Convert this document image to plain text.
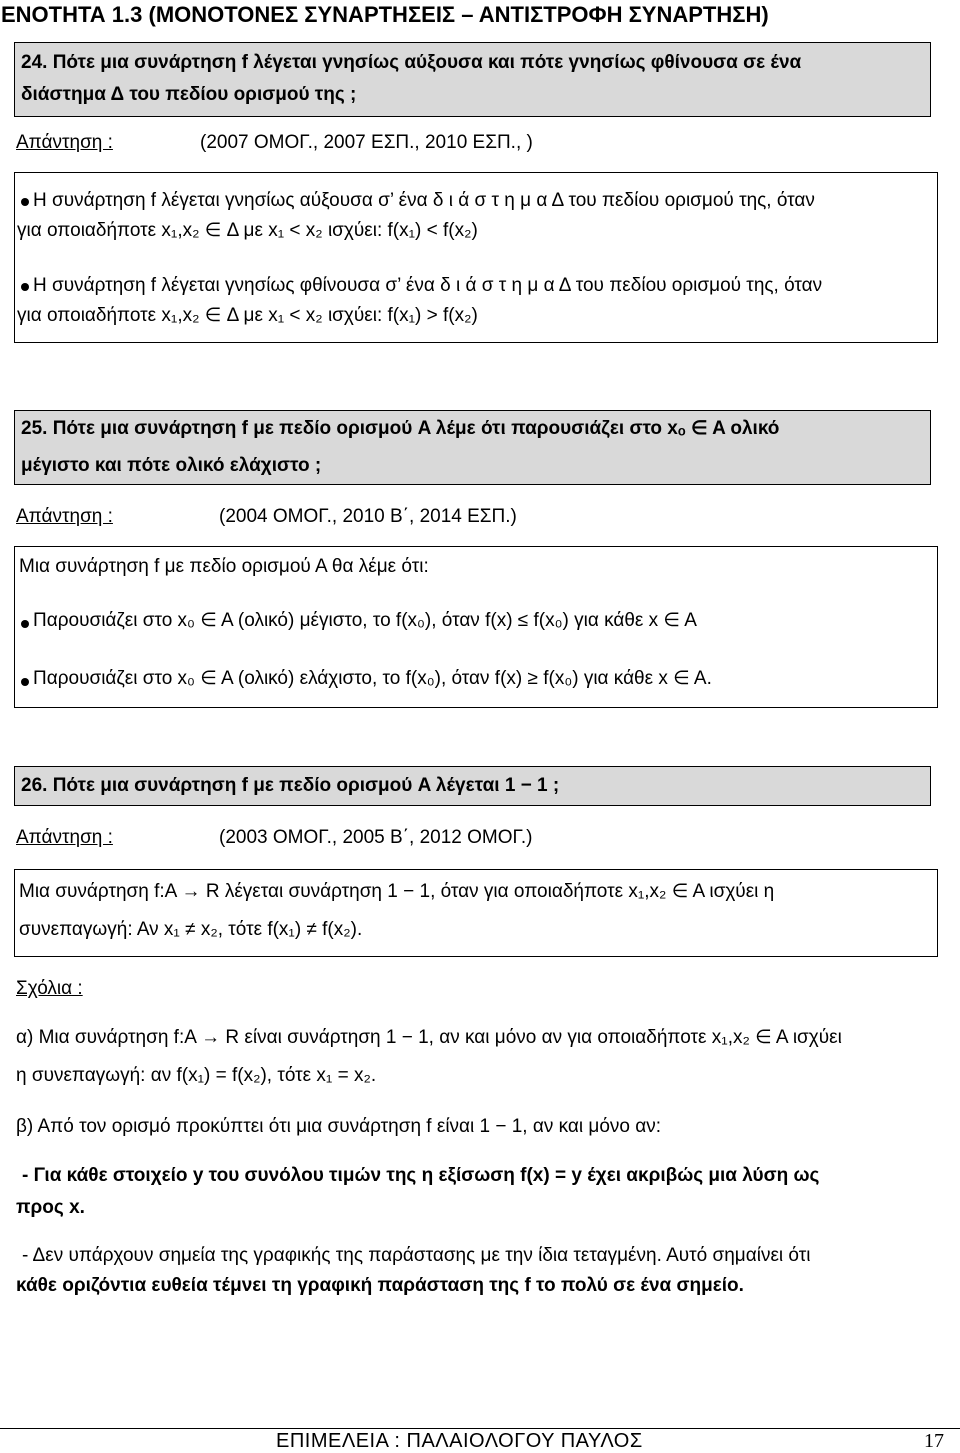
ΕΝΟΤΗΤΑ 1.3 (ΜΟΝΟΤΟΝΕΣ ΣΥΝΑΡΤΗΣΕΙΣ – ΑΝΤΙΣΤΡΟΦΗ ΣΥΝΑΡΤΗΣΗ)
24. Πότε μια συνάρτηση f λέγεται γνησίως αύξουσα και πότε γνησίως φθίνουσα σε ένα
διάστημα Δ του πεδίου ορισμού της ;
Απάντηση :	(2007 ΟΜΟΓ., 2007 ΕΣΠ., 2010 ΕΣΠ., )
Η συνάρτηση f λέγεται γνησίως αύξουσα σ’ ένα δ ι ά σ τ η μ α Δ του πεδίου ορισμού της, όταν
για οποιαδήποτε x₁,x₂ ∈ Δ με x₁ < x₂ ισχύει: f(x₁) < f(x₂)
Η συνάρτηση f λέγεται γνησίως φθίνουσα σ’ ένα δ ι ά σ τ η μ α Δ του πεδίου ορισμού της, όταν
για οποιαδήποτε x₁,x₂ ∈ Δ με x₁ < x₂ ισχύει: f(x₁) > f(x₂)
25. Πότε μια συνάρτηση f με πεδίο ορισμού A λέμε ότι παρουσιάζει στο xₒ ∈ A ολικό
μέγιστο και πότε ολικό ελάχιστο ;
Απάντηση :	(2004 ΟΜΟΓ., 2010 Β΄, 2014 ΕΣΠ.)
Μια συνάρτηση f με πεδίο ορισμού Α θα λέμε ότι:
Παρουσιάζει στο x₀ ∈ A (ολικό) μέγιστο, το f(x₀), όταν f(x) ≤ f(x₀) για κάθε x ∈ A
Παρουσιάζει στο x₀ ∈ A (ολικό) ελάχιστο, το f(x₀), όταν f(x) ≥ f(x₀) για κάθε x ∈ A.
26. Πότε μια συνάρτηση f με πεδίο ορισμού A λέγεται 1 − 1 ;
Απάντηση :	(2003 ΟΜΟΓ., 2005 Β΄, 2012 ΟΜΟΓ.)
Μια συνάρτηση f:A → R λέγεται συνάρτηση 1 − 1, όταν για οποιαδήποτε x₁,x₂ ∈ A ισχύει η
συνεπαγωγή: Αν x₁ ≠ x₂, τότε f(x₁) ≠ f(x₂).
Σχόλια :
α) Μια συνάρτηση f:A → R είναι συνάρτηση 1 − 1, αν και μόνο αν για οποιαδήποτε x₁,x₂ ∈ A ισχύει
η συνεπαγωγή: αν f(x₁) = f(x₂), τότε x₁ = x₂.
β) Από τον ορισμό προκύπτει ότι μια συνάρτηση f είναι 1 − 1, αν και μόνο αν:
- Για κάθε στοιχείο y του συνόλου τιμών της η εξίσωση f(x) = y έχει ακριβώς μια λύση ως
προς x.
- Δεν υπάρχουν σημεία της γραφικής της παράστασης με την ίδια τεταγμένη. Αυτό σημαίνει ότι
κάθε οριζόντια ευθεία τέμνει τη γραφική παράσταση της f το πολύ σε ένα σημείο.
ΕΠΙΜΕΛΕΙΑ : ΠΑΛΑΙΟΛΟΓΟΥ ΠΑΥΛΟΣ	17
